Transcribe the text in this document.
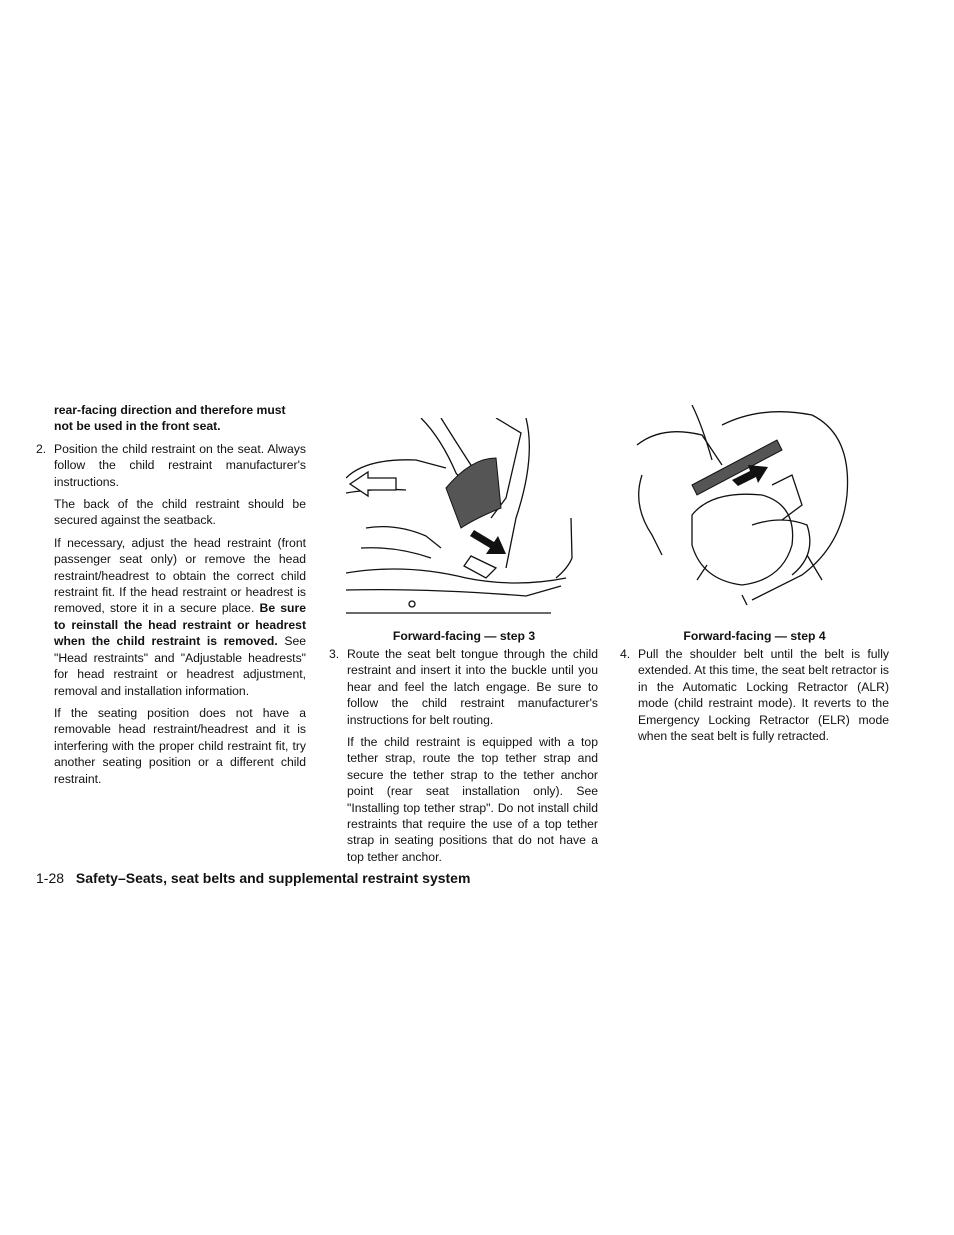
rear-facing direction and therefore must not be used in the front seat.

2. Position the child restraint on the seat. Always follow the child restraint manufacturer's instructions.

The back of the child restraint should be secured against the seatback.

If necessary, adjust the head restraint (front passenger seat only) or remove the head restraint/headrest to obtain the correct child restraint fit. If the head restraint or headrest is removed, store it in a secure place. Be sure to reinstall the head restraint or headrest when the child restraint is removed. See "Head restraints" and "Adjustable headrests" for head restraint or headrest adjustment, removal and installation information.

If the seating position does not have a removable head restraint/headrest and it is interfering with the proper child restraint fit, try another seating position or a different child restraint.

Forward-facing — step 3
3. Route the seat belt tongue through the child restraint and insert it into the buckle until you hear and feel the latch engage. Be sure to follow the child restraint manufacturer's instructions for belt routing.

If the child restraint is equipped with a top tether strap, route the top tether strap and secure the tether strap to the tether anchor point (rear seat installation only). See "Installing top tether strap". Do not install child restraints that require the use of a top tether strap in seating positions that do not have a top tether anchor.

Forward-facing — step 4
4. Pull the shoulder belt until the belt is fully extended. At this time, the seat belt retractor is in the Automatic Locking Retractor (ALR) mode (child restraint mode). It reverts to the Emergency Locking Retractor (ELR) mode when the seat belt is fully retracted.

1-28 Safety–Seats, seat belts and supplemental restraint system
